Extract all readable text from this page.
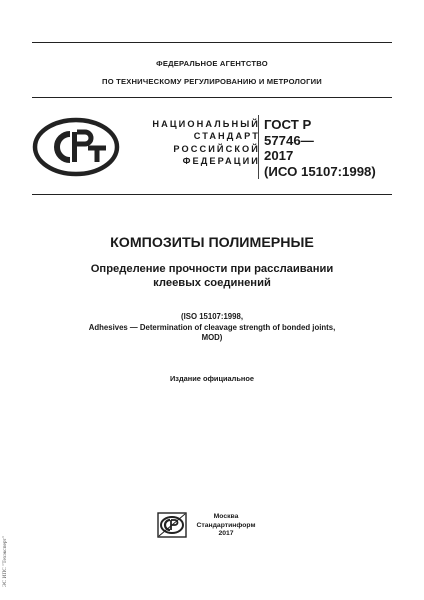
ФЕДЕРАЛЬНОЕ АГЕНТСТВО
ПО ТЕХНИЧЕСКОМУ РЕГУЛИРОВАНИЮ И МЕТРОЛОГИИ
НАЦИОНАЛЬНЫЙ
СТАНДАРТ
РОССИЙСКОЙ
ФЕДЕРАЦИИ
ГОСТ Р
57746—
2017
(ИСО 15107:1998)
КОМПОЗИТЫ ПОЛИМЕРНЫЕ
Определение прочности при расслаивании
клеевых соединений
(ISO 15107:1998,
Adhesives — Determination of cleavage strength of bonded joints,
MOD)
Издание официальное
Москва
Стандартинформ
2017
ЭС ИПС "Техэксперт"
